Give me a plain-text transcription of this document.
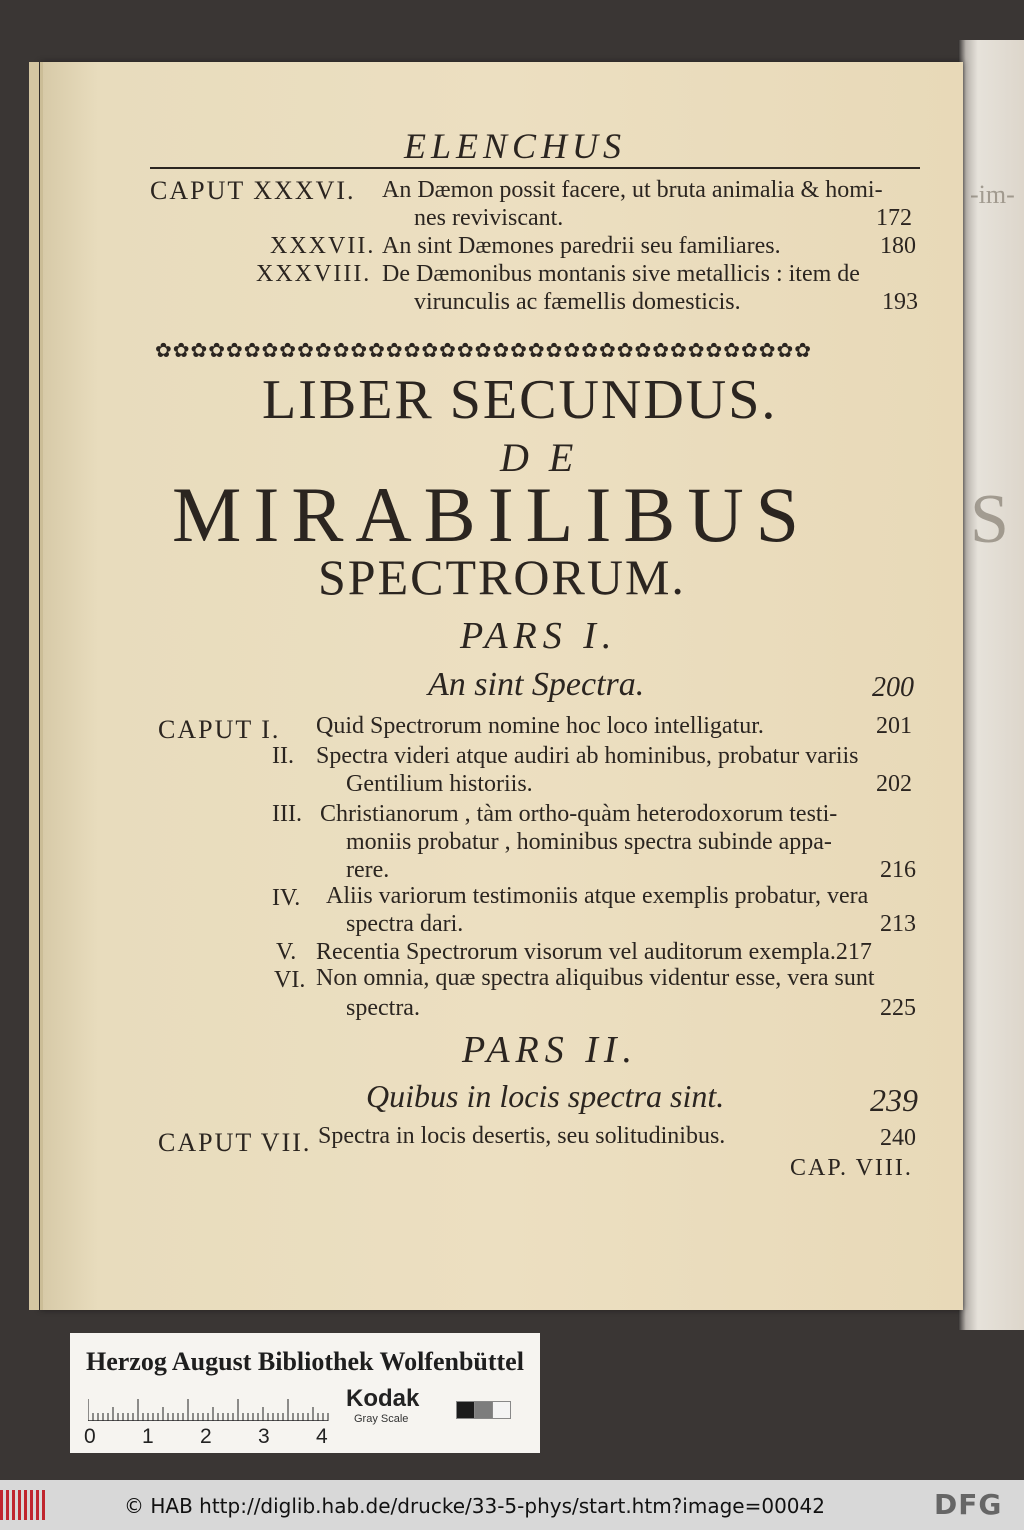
-im-
S
ELENCHUS
CAPUT XXXVI. An Dæmon possit facere, ut bruta animalia & homi-
nes reviviscant.	172
XXXVII. An sint Dæmones paredrii seu familiares.	180
XXXVIII. De Dæmonibus montanis sive metallicis : item de
virunculis ac fæmellis domesticis.	193
✿✿✿✿✿✿✿✿✿✿✿✿✿✿✿✿✿✿✿✿✿✿✿✿✿✿✿✿✿✿✿✿✿✿✿✿✿
LIBER SECUNDUS.
DE
MIRABILIBUS
SPECTRORUM.
PARS I.
An sint Spectra.	200
CAPUT I. Quid Spectrorum nomine hoc loco intelligatur.	201
II. Spectra videri atque audiri ab hominibus, probatur variis
Gentilium historiis.	202
III. Christianorum , tàm ortho-quàm heterodoxorum testi-
moniis probatur , hominibus spectra subinde appa-
rere.	216
IV. Aliis variorum testimoniis atque exemplis probatur, vera
spectra dari.	213
V. Recentia Spectrorum visorum vel auditorum exempla.217
VI. Non omnia, quæ spectra aliquibus videntur esse, vera sunt
spectra.	225
PARS II.
Quibus in locis spectra sint.	239
CAPUT VII. Spectra in locis desertis, seu solitudinibus.	240
CAP. VIII.
Herzog August Bibliothek Wolfenbüttel
Kodak
Gray Scale
0 1 2 3 4
© HAB http://diglib.hab.de/drucke/33-5-phys/start.htm?image=00042	DFG
